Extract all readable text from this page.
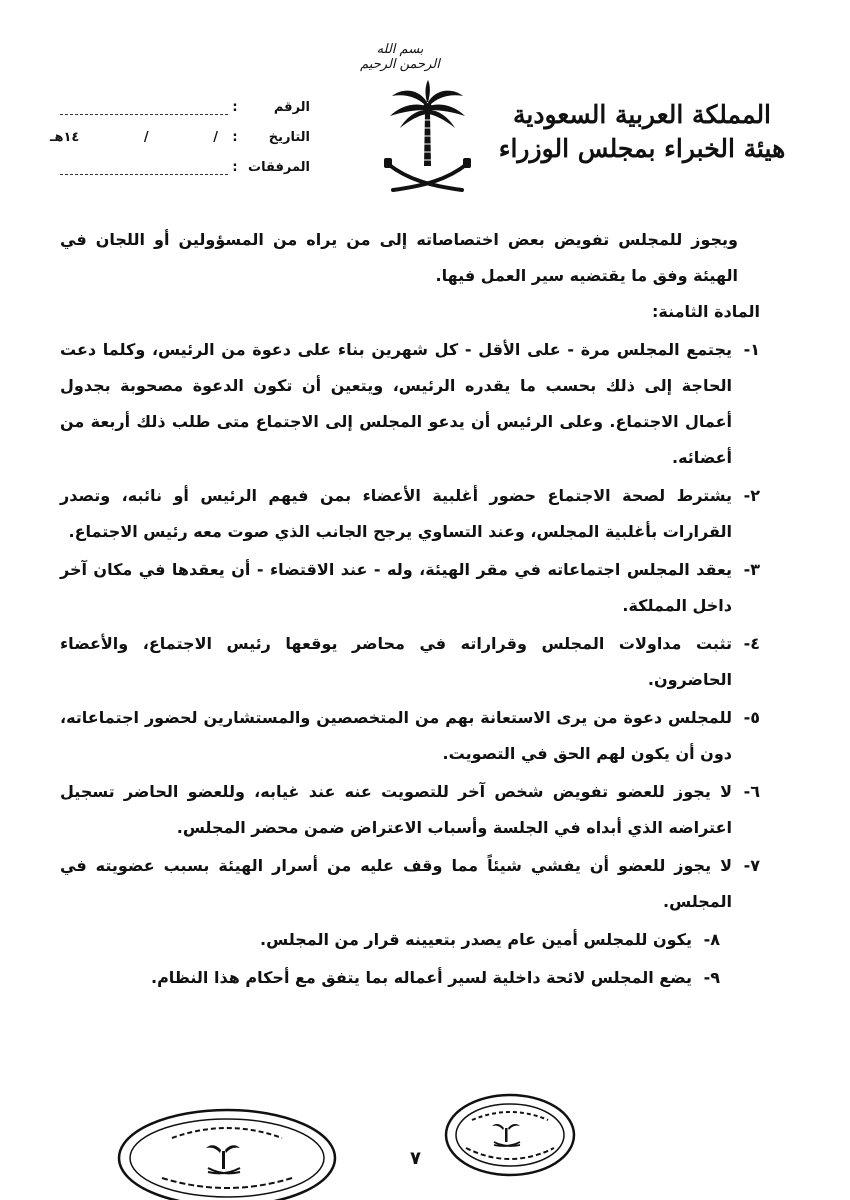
بسم الله الرحمن الرحيم
المملكة العربية السعودية
هيئة الخبراء بمجلس الوزراء
الرقم
:
التاريخ
:
/
/
١٤هـ
المرفقات
:

ويجوز للمجلس تفويض بعض اختصاصاته إلى من يراه من المسؤولين أو اللجان في الهيئة وفق ما يقتضيه سير العمل فيها.

المادة الثامنة:

١-
يجتمع المجلس مرة - على الأقل - كل شهرين بناء على دعوة من الرئيس، وكلما دعت الحاجة إلى ذلك بحسب ما يقدره الرئيس، ويتعين أن تكون الدعوة مصحوبة بجدول أعمال الاجتماع. وعلى الرئيس أن يدعو المجلس إلى الاجتماع متى طلب ذلك أربعة من أعضائه.
٢-
يشترط لصحة الاجتماع حضور أغلبية الأعضاء بمن فيهم الرئيس أو نائبه، وتصدر القرارات بأغلبية المجلس، وعند التساوي يرجح الجانب الذي صوت معه رئيس الاجتماع.
٣-
يعقد المجلس اجتماعاته في مقر الهيئة، وله - عند الاقتضاء - أن يعقدها في مكان آخر داخل المملكة.
٤-
تثبت مداولات المجلس وقراراته في محاضر يوقعها رئيس الاجتماع، والأعضاء الحاضرون.
٥-
للمجلس دعوة من يرى الاستعانة بهم من المتخصصين والمستشارين لحضور اجتماعاته، دون أن يكون لهم الحق في التصويت.
٦-
لا يجوز للعضو تفويض شخص آخر للتصويت عنه عند غيابه، وللعضو الحاضر تسجيل اعتراضه الذي أبداه في الجلسة وأسباب الاعتراض ضمن محضر المجلس.
٧-
لا يجوز للعضو أن يفشي شيئاً مما وقف عليه من أسرار الهيئة بسبب عضويته في المجلس.
٨-
يكون للمجلس أمين عام يصدر بتعيينه قرار من المجلس.
٩-
يضع المجلس لائحة داخلية لسير أعماله بما يتفق مع أحكام هذا النظام.
٧
